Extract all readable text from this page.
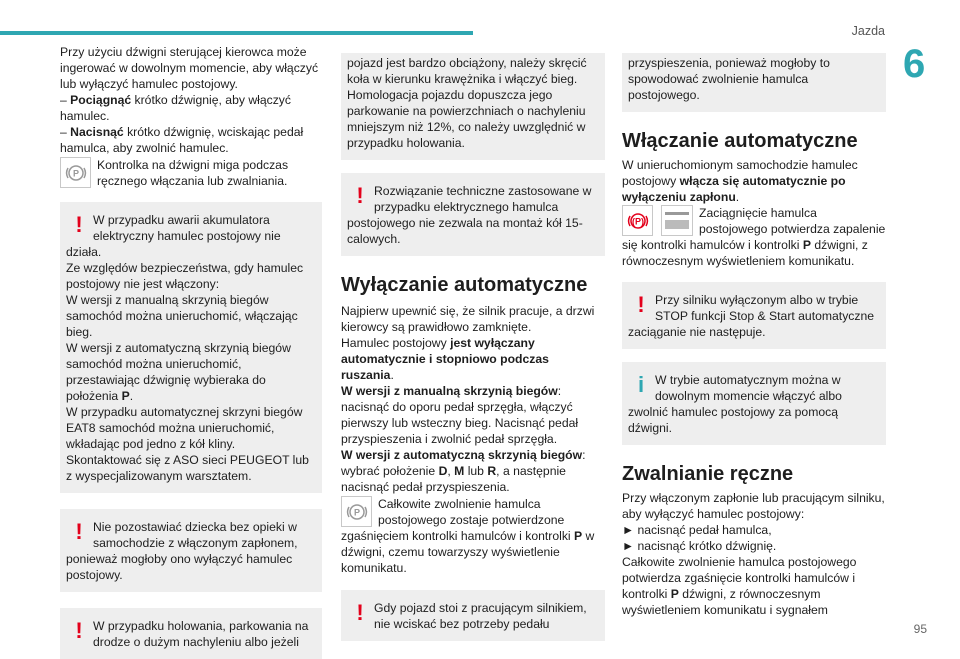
Jazda
6
95

Przy użyciu dźwigni sterującej kierowca może ingerować w dowolnym momencie, aby włączyć lub wyłączyć hamulec postojowy.

– Pociągnąć krótko dźwignię, aby włączyć hamulec.

– Nacisnąć krótko dźwignię, wciskając pedał hamulca, aby zwolnić hamulec.

P
Kontrolka na dźwigni miga podczas ręcznego włączania lub zwalniania.
! W przypadku awarii akumulatora elektryczny hamulec postojowy nie działa.

Ze względów bezpieczeństwa, gdy hamulec postojowy nie jest włączony:

W wersji z manualną skrzynią biegów samochód można unieruchomić, włączając bieg.

W wersji z automatyczną skrzynią biegów samochód można unieruchomić, przestawiając dźwignię wybieraka do położenia P.

W przypadku automatycznej skrzyni biegów EAT8 samochód można unieruchomić, wkładając pod jedno z kół kliny.

Skontaktować się z ASO sieci PEUGEOT lub z wyspecjalizowanym warsztatem.

! Nie pozostawiać dziecka bez opieki w samochodzie z włączonym zapłonem, ponieważ mogłoby ono wyłączyć hamulec postojowy.

! W przypadku holowania, parkowania na drodze o dużym nachyleniu albo jeżeli

pojazd jest bardzo obciążony, należy skręcić koła w kierunku krawężnika i włączyć bieg.

Homologacja pojazdu dopuszcza jego parkowanie na powierzchniach o nachyleniu mniejszym niż 12%, co należy uwzględnić w przypadku holowania.

! Rozwiązanie techniczne zastosowane w przypadku elektrycznego hamulca postojowego nie zezwala na montaż kół 15-calowych.

Wyłączanie automatyczne

Najpierw upewnić się, że silnik pracuje, a drzwi kierowcy są prawidłowo zamknięte.

Hamulec postojowy jest wyłączany automatycznie i stopniowo podczas ruszania.

W wersji z manualną skrzynią biegów: nacisnąć do oporu pedał sprzęgła, włączyć pierwszy lub wsteczny bieg. Nacisnąć pedał przyspieszenia i zwolnić pedał sprzęgła.

W wersji z automatyczną skrzynią biegów: wybrać położenie D, M lub R, a następnie nacisnąć pedał przyspieszenia.

P
Całkowite zwolnienie hamulca postojowego zostaje potwierdzone zgaśnięciem kontrolki hamulców i kontrolki P w dźwigni, czemu towarzyszy wyświetlenie komunikatu.
! Gdy pojazd stoi z pracującym silnikiem, nie wciskać bez potrzeby pedału

przyspieszenia, ponieważ mogłoby to spowodować zwolnienie hamulca postojowego.

Włączanie automatyczne

W unieruchomionym samochodzie hamulec postojowy włącza się automatycznie po wyłączeniu zapłonu.

(P)
Zaciągnięcie hamulca postojowego potwierdza zapalenie się kontrolki hamulców i kontrolki P dźwigni, z równoczesnym wyświetleniem komunikatu.
! Przy silniku wyłączonym albo w trybie STOP funkcji Stop & Start automatyczne zaciąganie nie następuje.

i W trybie automatycznym można w dowolnym momencie włączyć albo zwolnić hamulec postojowy za pomocą dźwigni.

Zwalnianie ręczne

Przy włączonym zapłonie lub pracującym silniku, aby wyłączyć hamulec postojowy:

► nacisnąć pedał hamulca,

► nacisnąć krótko dźwignię.

Całkowite zwolnienie hamulca postojowego potwierdza zgaśnięcie kontrolki hamulców i kontrolki P dźwigni, z równoczesnym wyświetleniem komunikatu i sygnałem
